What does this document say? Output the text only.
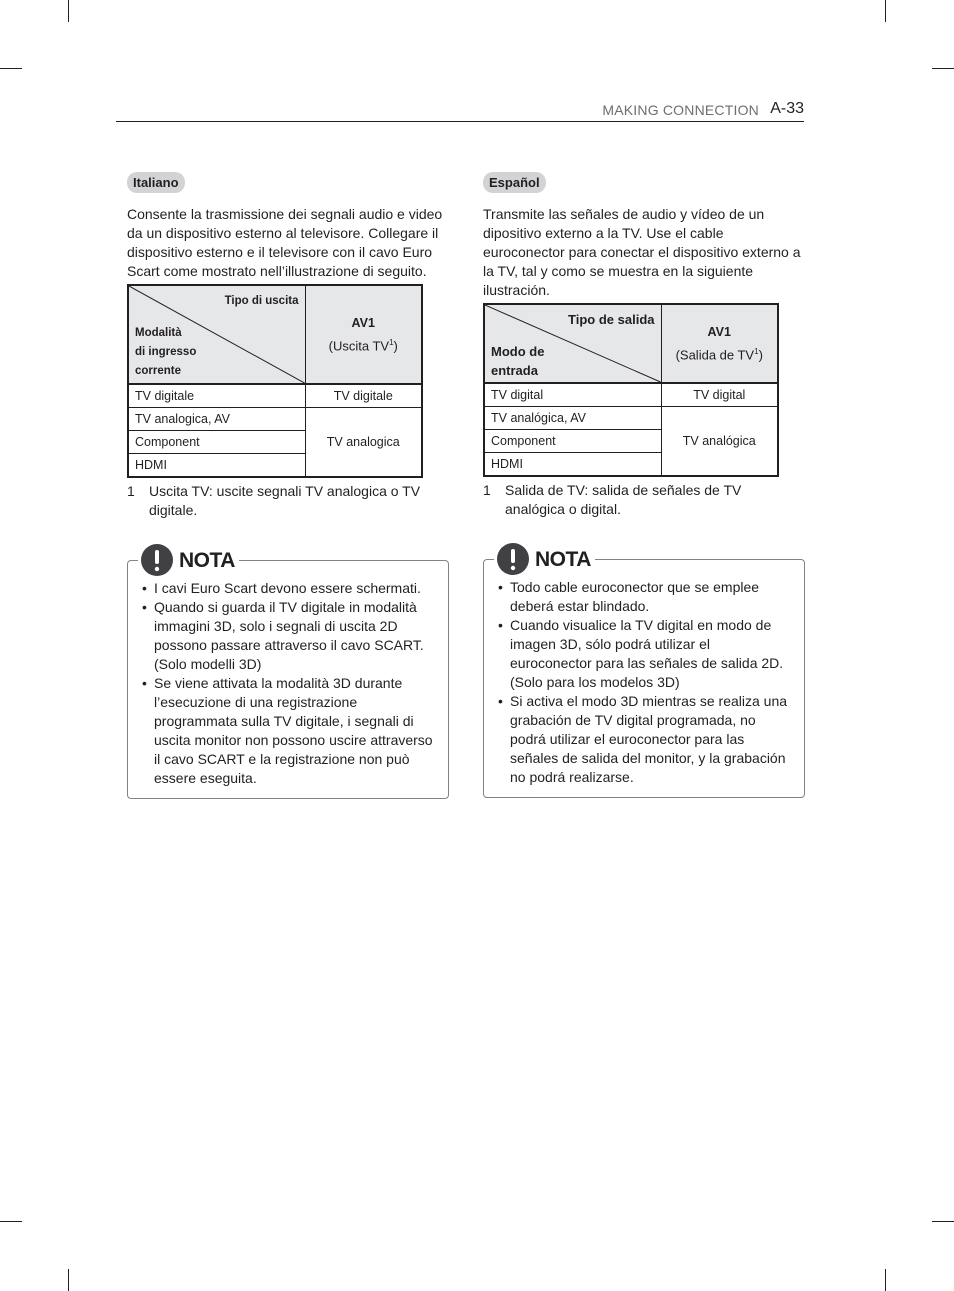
MAKING CONNECTION A-33
Italiano

Consente la trasmissione dei segnali audio e video da un dispositivo esterno al televisore. Collegare il dispositivo esterno e il televisore con il cavo Euro Scart come mostrato nell’illustrazione di seguito.

Tipo di uscita
Modalità
di ingresso
corrente	AV1
(Uscita $TV^1$)

TV digitale	TV digitale
TV analogica, AV	TV analogica
Component	
HDMI	
1	Uscita TV: uscite segnali TV analogica o TV digitale.
NOTA
• I cavi Euro Scart devono essere schermati.
• Quando si guarda il TV digitale in modalità immagini 3D, solo i segnali di uscita 2D possono passare attraverso il cavo SCART. (Solo modelli 3D)
• Se viene attivata la modalità 3D durante l’esecuzione di una registrazione programmata sulla TV digitale, i segnali di uscita monitor non possono uscire attraverso il cavo SCART e la registrazione non può essere eseguita.
Español

Transmite las señales de audio y vídeo de un dipositivo externo a la TV. Use el cable euroconector para conectar el dispositivo externo a la TV, tal y como se muestra en la siguiente ilustración.

Tipo de salida
Modo de
entrada	AV1
(Salida de $TV^1$)

TV digital	TV digital
TV analógica, AV	TV analógica
Component	
HDMI	
1	Salida de TV: salida de señales de TV analógica o digital.
NOTA
• Todo cable euroconector que se emplee deberá estar blindado.
• Cuando visualice la TV digital en modo de imagen 3D, sólo podrá utilizar el euroconector para las señales de salida 2D. (Solo para los modelos 3D)
• Si activa el modo 3D mientras se realiza una grabación de TV digital programada, no podrá utilizar el euroconector para las señales de salida del monitor, y la grabación no podrá realizarse.
